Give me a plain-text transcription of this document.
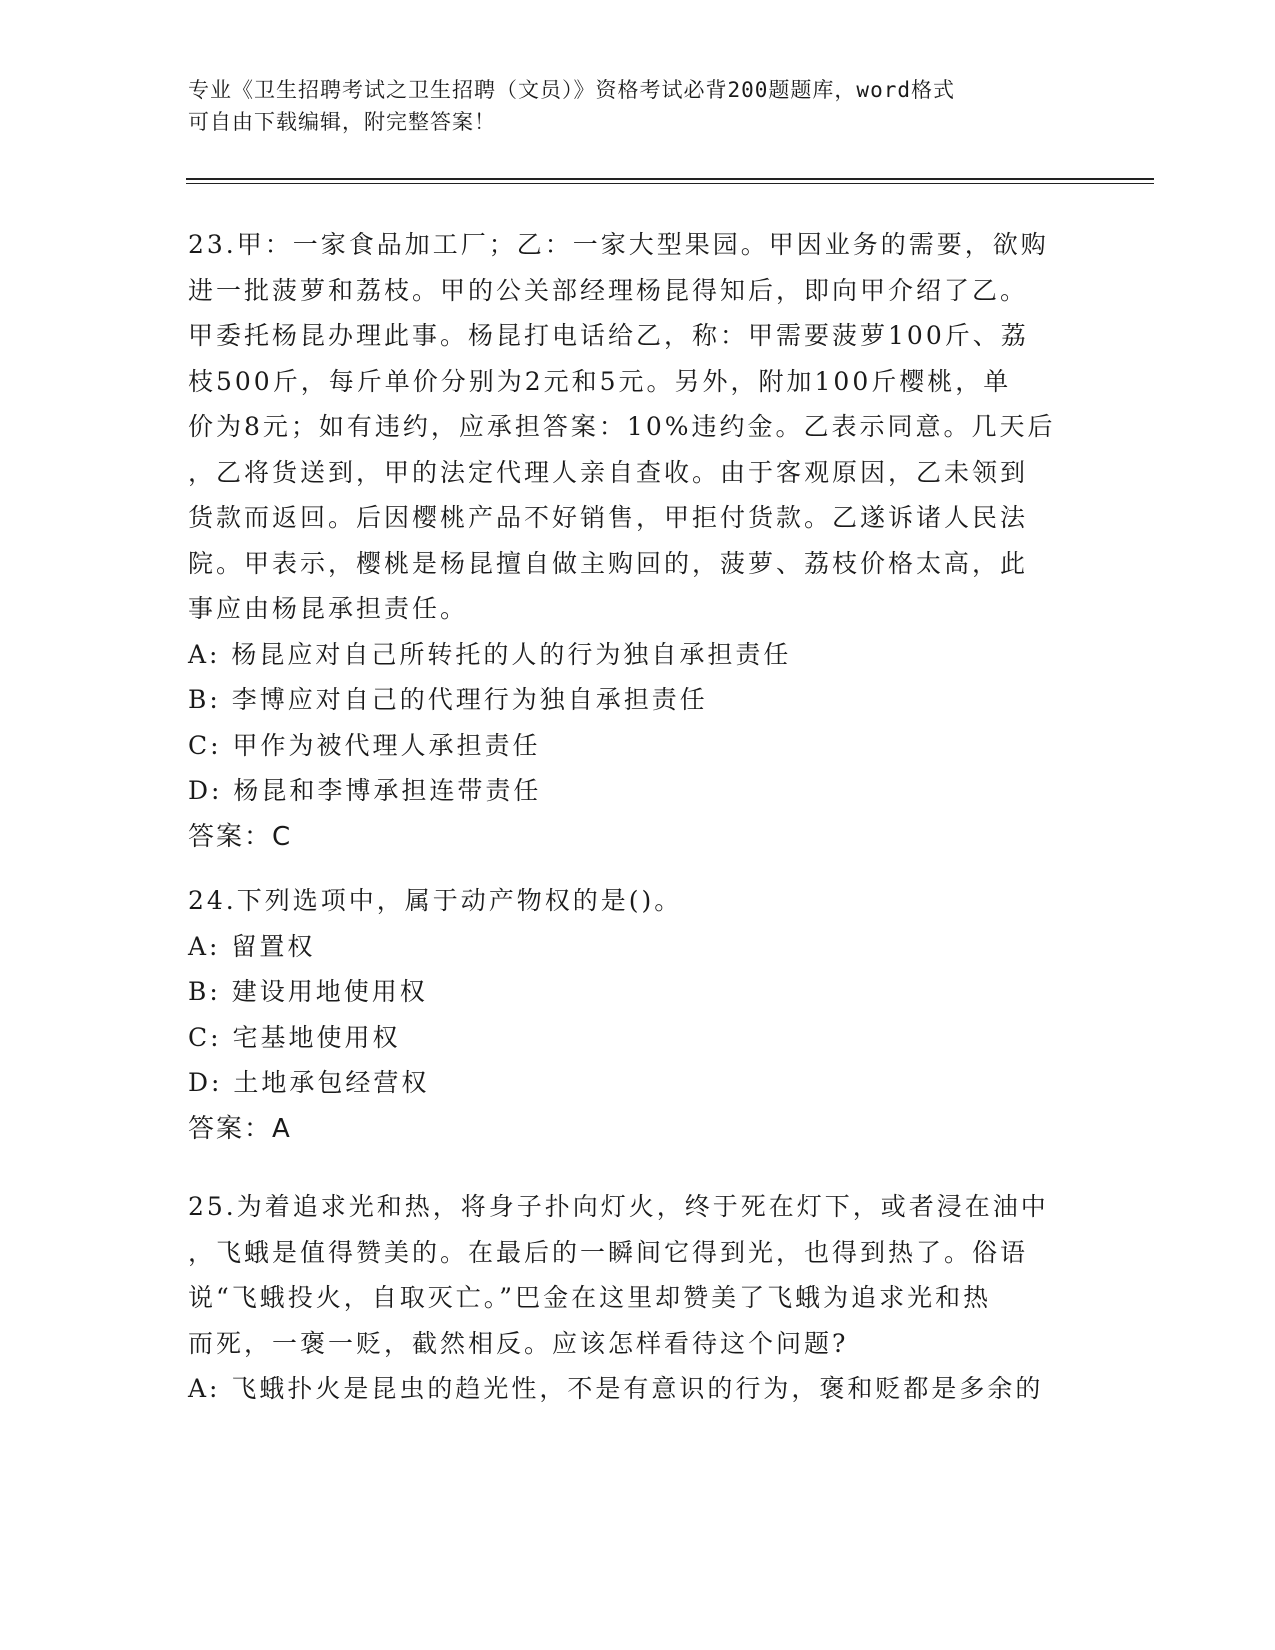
专业《卫生招聘考试之卫生招聘（文员）》资格考试必背200题题库，word格式
可自由下载编辑，附完整答案！
23.甲：一家食品加工厂；乙：一家大型果园。甲因业务的需要，欲购
进一批菠萝和荔枝。甲的公关部经理杨昆得知后，即向甲介绍了乙。
甲委托杨昆办理此事。杨昆打电话给乙，称：甲需要菠萝100斤、荔
枝500斤，每斤单价分别为2元和5元。另外，附加100斤樱桃，单
价为8元；如有违约，应承担答案：10%违约金。乙表示同意。几天后
，乙将货送到，甲的法定代理人亲自查收。由于客观原因，乙未领到
货款而返回。后因樱桃产品不好销售，甲拒付货款。乙遂诉诸人民法
院。甲表示，樱桃是杨昆擅自做主购回的，菠萝、荔枝价格太高，此
事应由杨昆承担责任。
A: 杨昆应对自己所转托的人的行为独自承担责任
B: 李博应对自己的代理行为独自承担责任
C: 甲作为被代理人承担责任
D: 杨昆和李博承担连带责任
答案：C
24.下列选项中，属于动产物权的是()。
A: 留置权
B: 建设用地使用权
C: 宅基地使用权
D: 土地承包经营权
答案：A
25.为着追求光和热，将身子扑向灯火，终于死在灯下，或者浸在油中
，飞蛾是值得赞美的。在最后的一瞬间它得到光，也得到热了。俗语
说“飞蛾投火，自取灭亡。”巴金在这里却赞美了飞蛾为追求光和热
而死，一褒一贬，截然相反。应该怎样看待这个问题?
A: 飞蛾扑火是昆虫的趋光性，不是有意识的行为，褒和贬都是多余的
